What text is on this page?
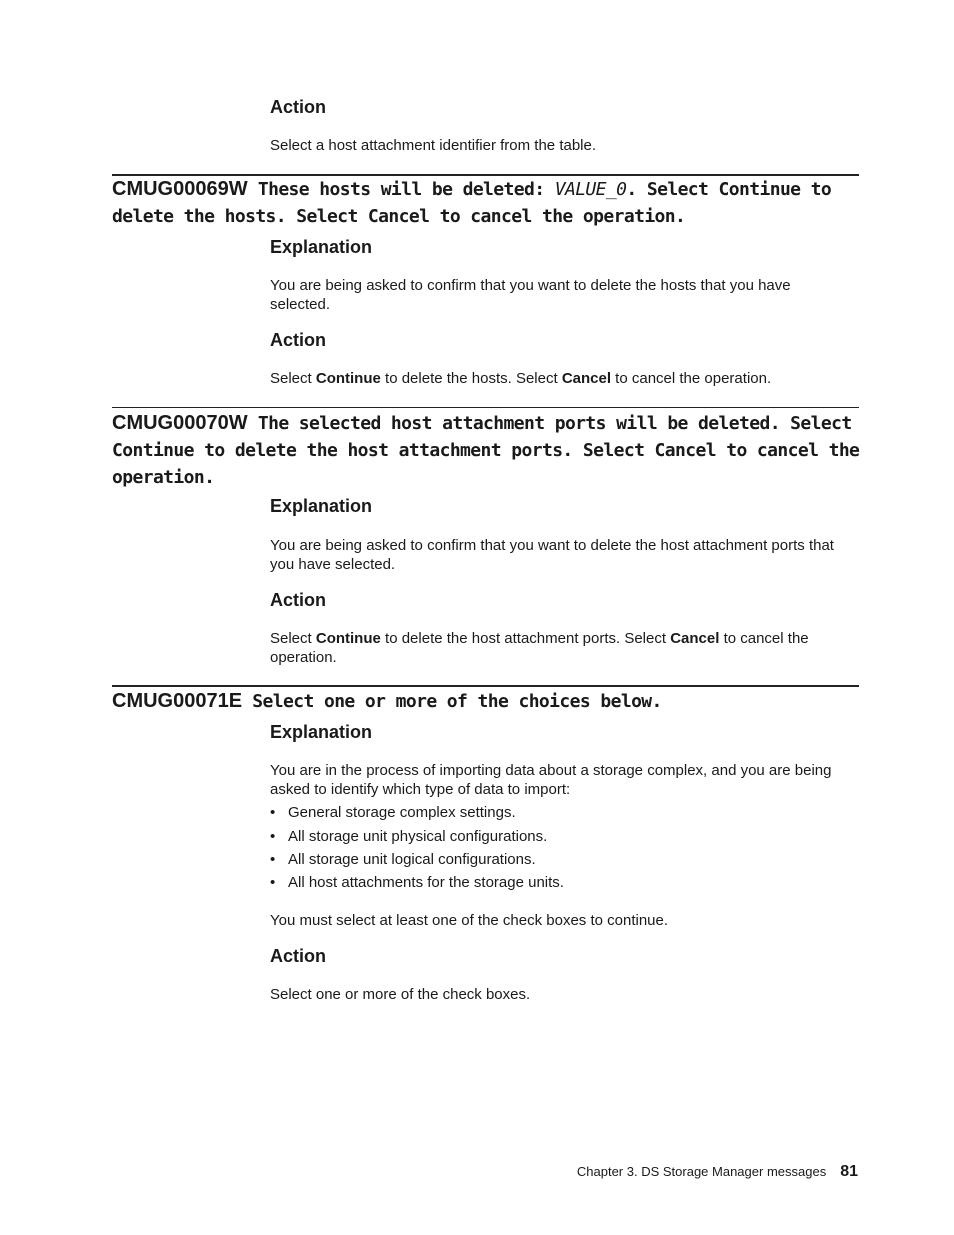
Action
Select a host attachment identifier from the table.
CMUG00069W These hosts will be deleted: VALUE_0. Select Continue to delete the hosts. Select Cancel to cancel the operation.
Explanation
You are being asked to confirm that you want to delete the hosts that you have selected.
Action
Select Continue to delete the hosts. Select Cancel to cancel the operation.
CMUG00070W The selected host attachment ports will be deleted. Select Continue to delete the host attachment ports. Select Cancel to cancel the operation.
Explanation
You are being asked to confirm that you want to delete the host attachment ports that you have selected.
Action
Select Continue to delete the host attachment ports. Select Cancel to cancel the operation.
CMUG00071E Select one or more of the choices below.
Explanation
You are in the process of importing data about a storage complex, and you are being asked to identify which type of data to import:
• General storage complex settings.
• All storage unit physical configurations.
• All storage unit logical configurations.
• All host attachments for the storage units.
You must select at least one of the check boxes to continue.
Action
Select one or more of the check boxes.
Chapter 3. DS Storage Manager messages 81
